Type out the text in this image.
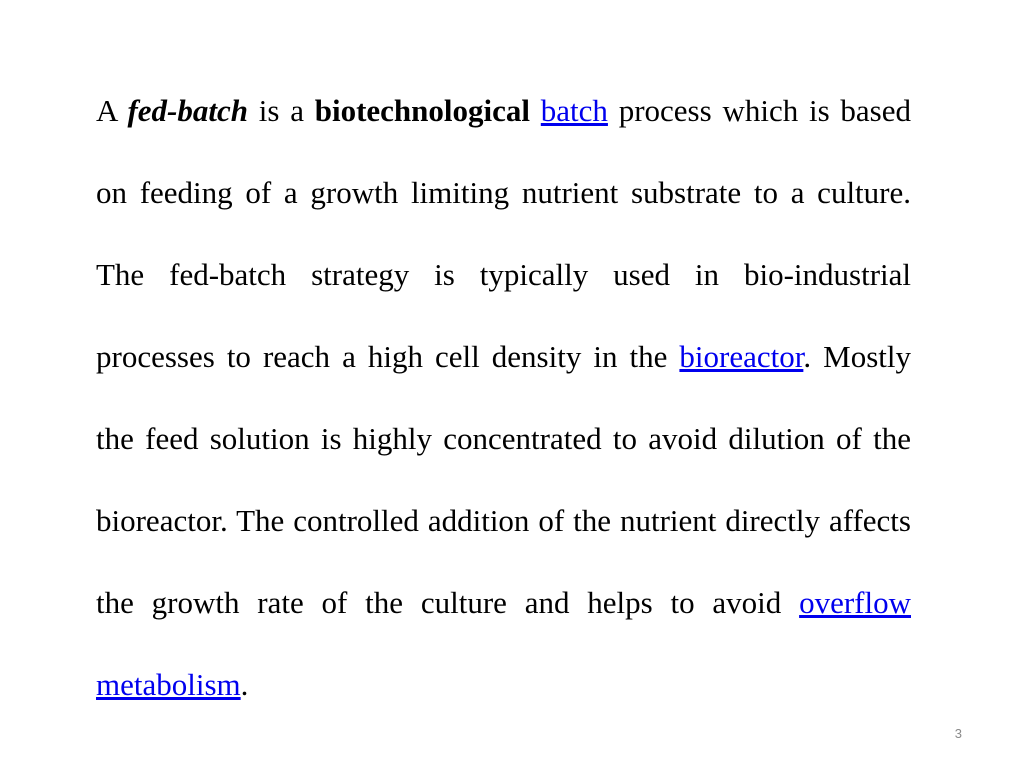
A fed-batch is a biotechnological batch process which is based on feeding of a growth limiting nutrient substrate to a culture. The fed-batch strategy is typically used in bio-industrial processes to reach a high cell density in the bioreactor. Mostly the feed solution is highly concentrated to avoid dilution of the bioreactor. The controlled addition of the nutrient directly affects the growth rate of the culture and helps to avoid overflow metabolism.

3
